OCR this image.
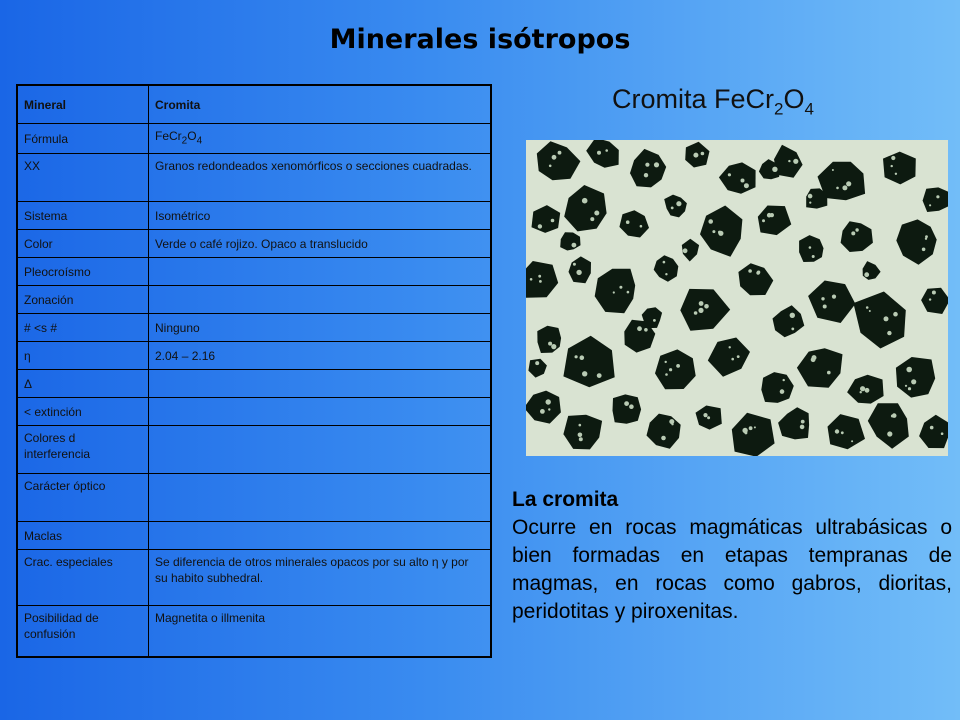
Minerales isótropos
Mineral	Cromita
Fórmula	$FeCr_2O_4$
XX	Granos redondeados xenomórficos o secciones cuadradas.
Sistema	Isométrico
Color	Verde o café rojizo. Opaco a translucido
Pleocroísmo	
Zonación	
# <s #	Ninguno
η	2.04 – 2.16
Δ	
< extinción	
Colores d interferencia	
Carácter óptico	
Maclas	
Crac. especiales	Se diferencia de otros minerales opacos por su alto η y por su habito subhedral.
Posibilidad de confusión	Magnetita o illmenita
Cromita $FeCr_2O_4$
La cromita
Ocurre en rocas magmáticas ultrabásicas o bien formadas en etapas tempranas de magmas, en rocas como gabros, dioritas, peridotitas y piroxenitas.
